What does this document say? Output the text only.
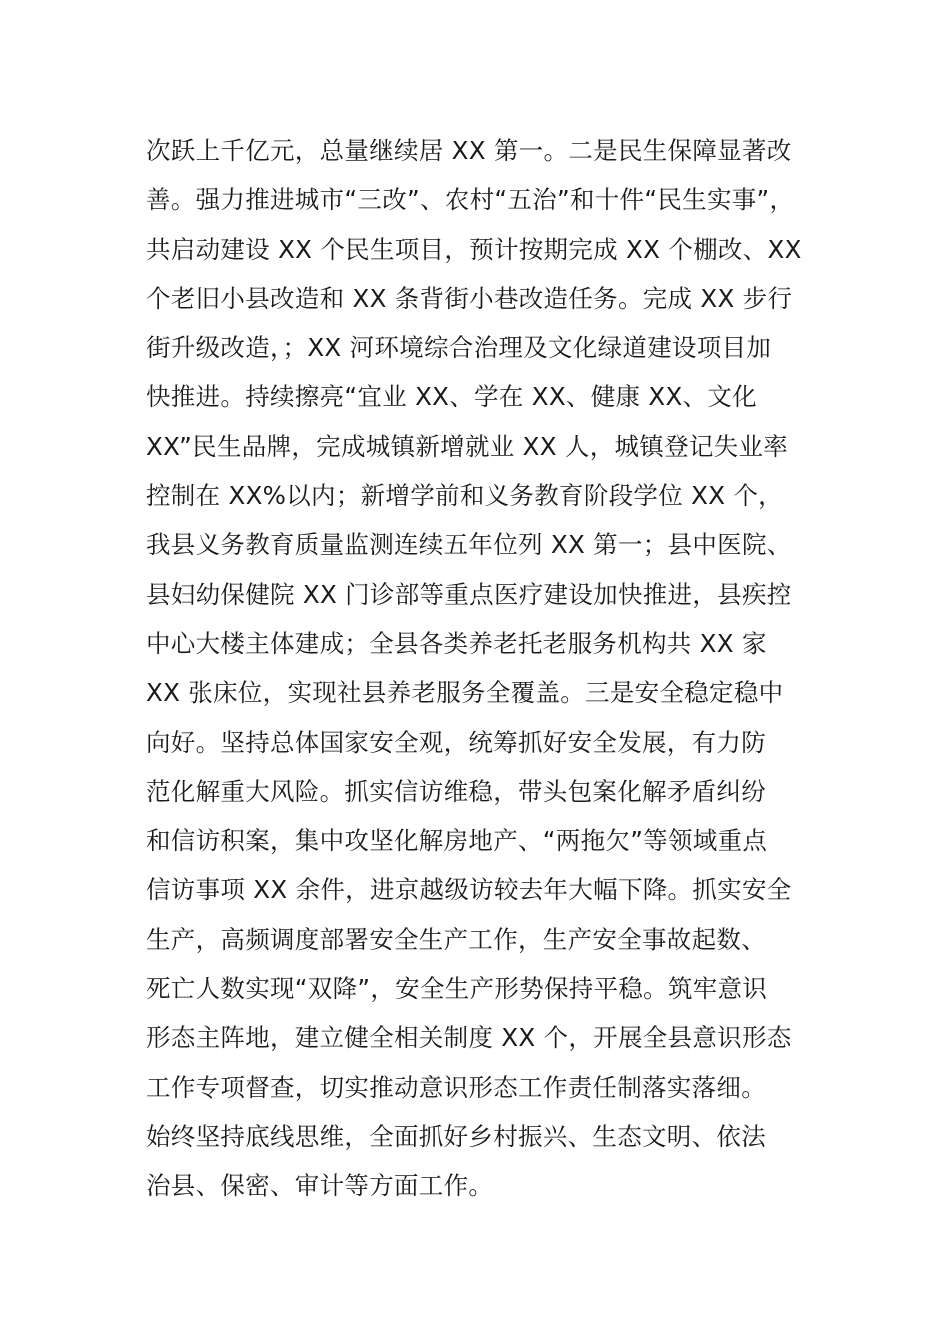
次跃上千亿元，总量继续居 XX 第一。二是民生保障显著改
善。强力推进城市“三改”、农村“五治”和十件“民生实事”，
共启动建设 XX 个民生项目，预计按期完成 XX 个棚改、XX
个老旧小县改造和 XX 条背街小巷改造任务。完成 XX 步行
街升级改造，；XX 河环境综合治理及文化绿道建设项目加
快推进。持续擦亮“宜业 XX、学在 XX、健康 XX、文化
XX”民生品牌，完成城镇新增就业 XX 人，城镇登记失业率
控制在 XX%以内；新增学前和义务教育阶段学位 XX 个，
我县义务教育质量监测连续五年位列 XX 第一；县中医院、
县妇幼保健院 XX 门诊部等重点医疗建设加快推进，县疾控
中心大楼主体建成；全县各类养老托老服务机构共 XX 家
XX 张床位，实现社县养老服务全覆盖。三是安全稳定稳中
向好。坚持总体国家安全观，统筹抓好安全发展，有力防
范化解重大风险。抓实信访维稳，带头包案化解矛盾纠纷
和信访积案，集中攻坚化解房地产、“两拖欠”等领域重点
信访事项 XX 余件，进京越级访较去年大幅下降。抓实安全
生产，高频调度部署安全生产工作，生产安全事故起数、
死亡人数实现“双降”，安全生产形势保持平稳。筑牢意识
形态主阵地，建立健全相关制度 XX 个，开展全县意识形态
工作专项督查，切实推动意识形态工作责任制落实落细。
始终坚持底线思维，全面抓好乡村振兴、生态文明、依法
治县、保密、审计等方面工作。
